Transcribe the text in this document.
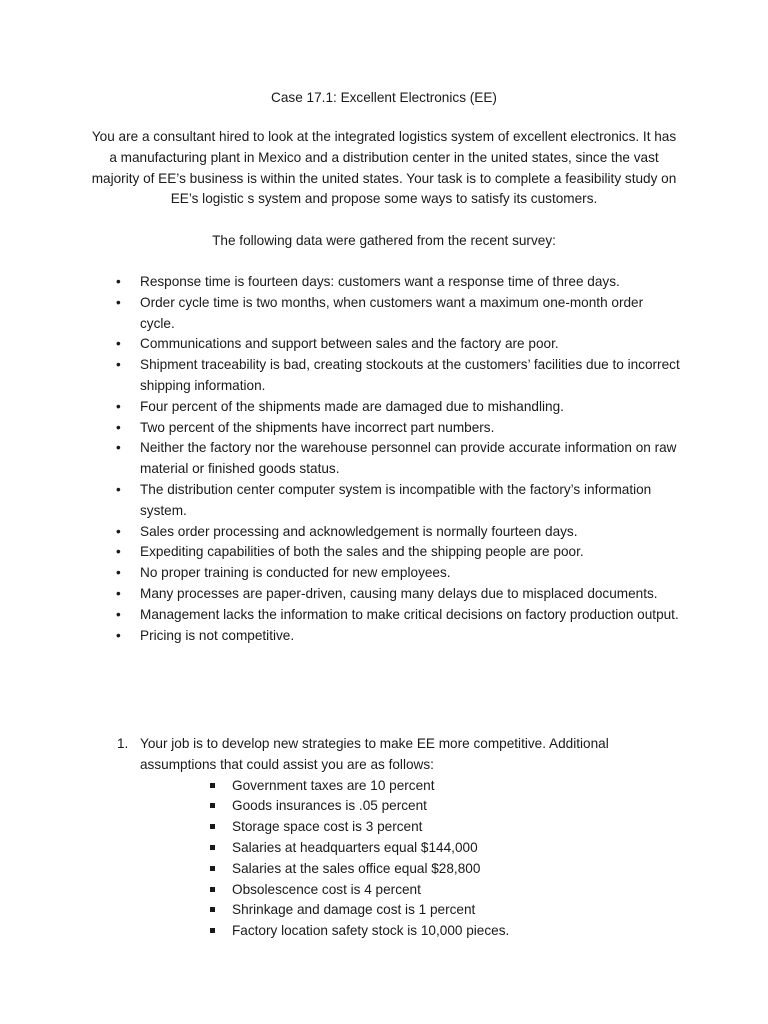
Case 17.1: Excellent Electronics (EE)

You are a consultant hired to look at the integrated logistics system of excellent electronics. It has a manufacturing plant in Mexico and a distribution center in the united states, since the vast majority of EE’s business is within the united states. Your task is to complete a feasibility study on EE’s logistic s system and propose some ways to satisfy its customers.

The following data were gathered from the recent survey:
• Response time is fourteen days: customers want a response time of three days.
• Order cycle time is two months, when customers want a maximum one-month order cycle.
• Communications and support between sales and the factory are poor.
• Shipment traceability is bad, creating stockouts at the customers’ facilities due to incorrect shipping information.
• Four percent of the shipments made are damaged due to mishandling.
• Two percent of the shipments have incorrect part numbers.
• Neither the factory nor the warehouse personnel can provide accurate information on raw material or finished goods status.
• The distribution center computer system is incompatible with the factory’s information system.
• Sales order processing and acknowledgement is normally fourteen days.
• Expediting capabilities of both the sales and the shipping people are poor.
• No proper training is conducted for new employees.
• Many processes are paper-driven, causing many delays due to misplaced documents.
• Management lacks the information to make critical decisions on factory production output.
• Pricing is not competitive.
1. Your job is to develop new strategies to make EE more competitive. Additional assumptions that could assist you are as follows:
Government taxes are 10 percent
Goods insurances is .05 percent
Storage space cost is 3 percent
Salaries at headquarters equal $144,000
Salaries at the sales office equal $28,800
Obsolescence cost is 4 percent
Shrinkage and damage cost is 1 percent
Factory location safety stock is 10,000 pieces.
